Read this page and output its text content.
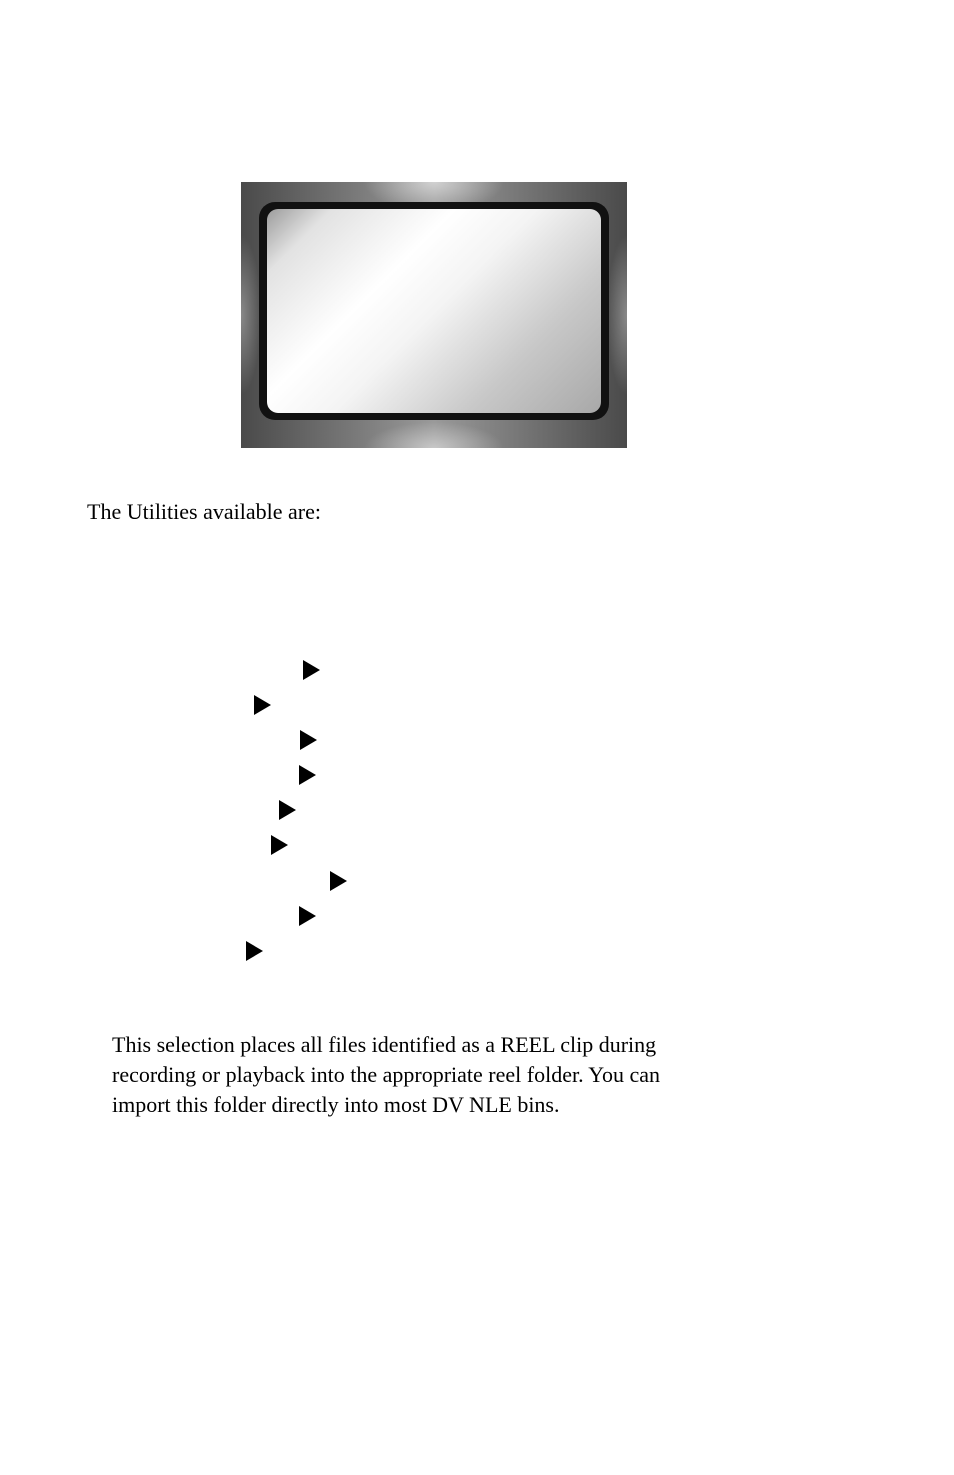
The Utilities available are:

This selection places all files identified as a REEL clip during

recording or playback into the appropriate reel folder. You can

import this folder directly into most DV NLE bins.
